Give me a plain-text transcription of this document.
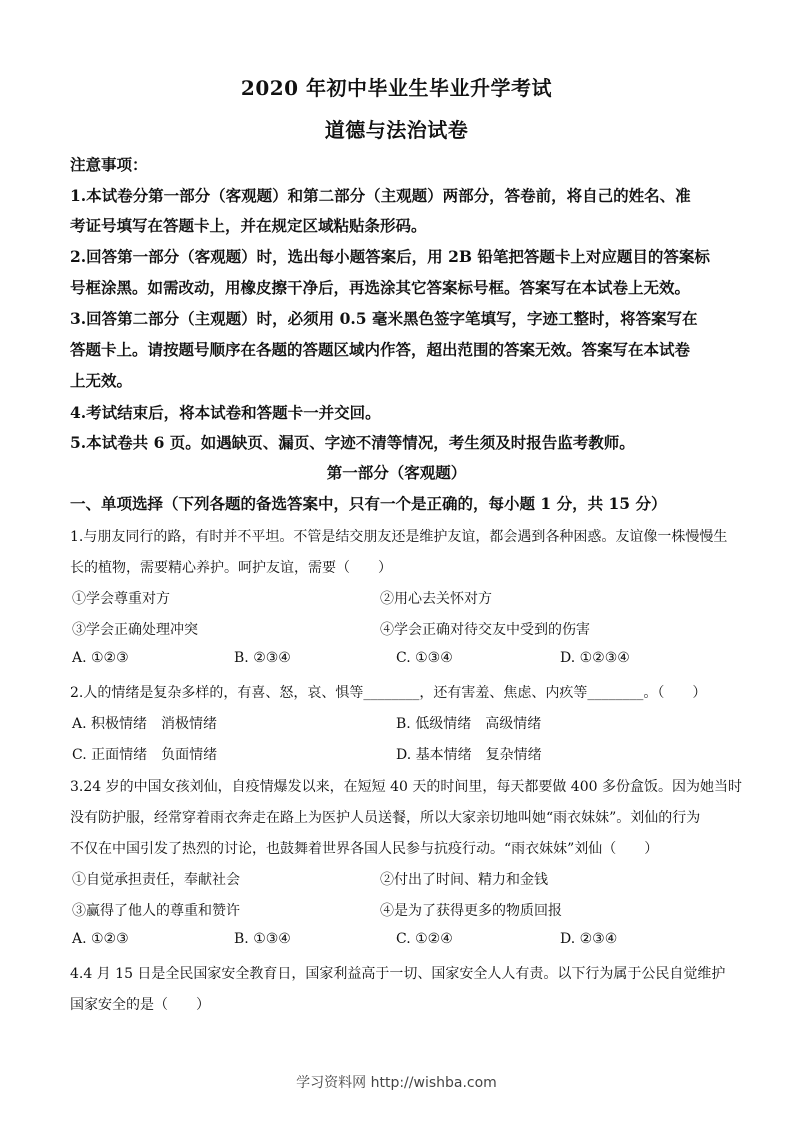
2020 年初中毕业生毕业升学考试
道德与法治试卷
注意事项：
1.本试卷分第一部分（客观题）和第二部分（主观题）两部分，答卷前，将自己的姓名、准
考证号填写在答题卡上，并在规定区域粘贴条形码。
2.回答第一部分（客观题）时，选出每小题答案后，用 2B 铅笔把答题卡上对应题目的答案标
号框涂黑。如需改动，用橡皮擦干净后，再选涂其它答案标号框。答案写在本试卷上无效。
3.回答第二部分（主观题）时，必须用 0.5 毫米黑色签字笔填写，字迹工整时，将答案写在
答题卡上。请按题号顺序在各题的答题区域内作答，超出范围的答案无效。答案写在本试卷
上无效。
4.考试结束后，将本试卷和答题卡一并交回。
5.本试卷共 6 页。如遇缺页、漏页、字迹不清等情况，考生须及时报告监考教师。
第一部分（客观题）
一、单项选择（下列各题的备选答案中，只有一个是正确的，每小题 1 分，共 15 分）
1.与朋友同行的路，有时并不平坦。不管是结交朋友还是维护友谊，都会遇到各种困惑。友谊像一株慢慢生
长的植物，需要精心养护。呵护友谊，需要（　　）
①学会尊重对方	②用心去关怀对方
③学会正确处理冲突	④学会正确对待交友中受到的伤害
A. ①②③	B. ②③④	C. ①③④	D. ①②③④
2.人的情绪是复杂多样的，有喜、怒，哀、惧等________，还有害羞、焦虑、内疚等________。（　　）
A. 积极情绪　消极情绪	B. 低级情绪　高级情绪
C. 正面情绪　负面情绪	D. 基本情绪　复杂情绪
3.24 岁的中国女孩刘仙，自疫情爆发以来，在短短 40 天的时间里，每天都要做 400 多份盒饭。因为她当时
没有防护服，经常穿着雨衣奔走在路上为医护人员送餐，所以大家亲切地叫她“雨衣妹妹”。刘仙的行为
不仅在中国引发了热烈的讨论，也鼓舞着世界各国人民参与抗疫行动。“雨衣妹妹”刘仙（　　）
①自觉承担责任，奉献社会	②付出了时间、精力和金钱
③赢得了他人的尊重和赞许	④是为了获得更多的物质回报
A. ①②③	B. ①③④	C. ①②④	D. ②③④
4.4 月 15 日是全民国家安全教育日，国家利益高于一切、国家安全人人有责。以下行为属于公民自觉维护
国家安全的是（　　）
学习资料网 http://wishba.com
